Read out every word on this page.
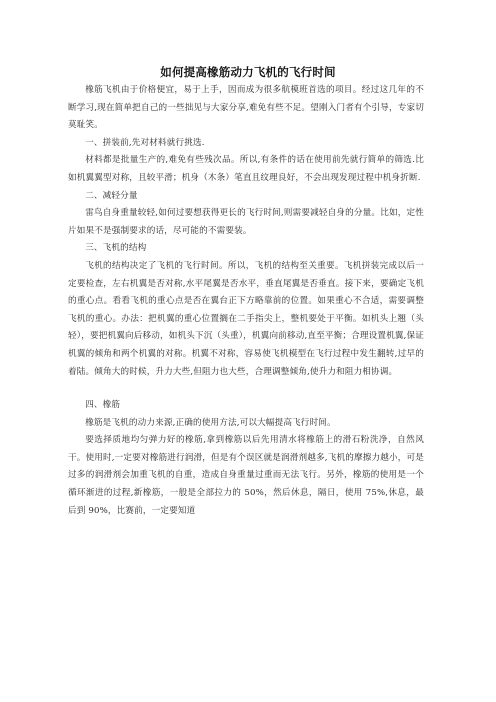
如何提高橡筋动力飞机的飞行时间

橡筋飞机由于价格便宜，易于上手，因而成为很多航模班首选的项目。经过这几年的不断学习,现在简单把自己的一些拙见与大家分享,难免有些不足。望刚入门者有个引导，专家切莫耻笑。

一、拼装前,先对材料就行挑选.

材料都是批量生产的,难免有些残次品。所以,有条件的话在使用前先就行简单的筛选.比如机翼翼型对称，且较平滑；机身（木条）笔直且纹理良好，不会出现发现过程中机身折断.

二、减轻分量

雷鸟自身重量较轻,如何过要想获得更长的飞行时间,则需要减轻自身的分量。比如，定性片如果不是强制要求的话，尽可能的不需要装。

三、飞机的结构

飞机的结构决定了飞机的飞行时间。所以，飞机的结构至关重要。飞机拼装完成以后一定要检查，左右机翼是否对称,水平尾翼是否水平，垂直尾翼是否垂直。接下来，要确定飞机的重心点。看看飞机的重心点是否在翼台正下方略靠前的位置。如果重心不合适，需要调整飞机的重心。办法：把机翼的重心位置搁在二手指尖上，整机要处于平衡。如机头上翘（头轻），要把机翼向后移动，如机头下沉（头重），机翼向前移动,直至平衡；合理设置机翼,保证机翼的倾角和两个机翼的对称。机翼不对称，容易使飞机模型在飞行过程中发生翻转,过早的着陆。倾角大的时候，升力大些,但阻力也大些，合理调整倾角,使升力和阻力相协调。

四、橡筋

橡筋是飞机的动力来源,正确的使用方法,可以大幅提高飞行时间。

要选择质地均匀弹力好的橡筋,拿到橡筋以后先用清水将橡筋上的滑石粉洗净，自然风干。使用时,一定要对橡筋进行润滑，但是有个误区就是润滑剂越多,飞机的摩擦力越小，可是过多的润滑剂会加重飞机的自重，造成自身重量过重而无法飞行。另外，橡筋的使用是一个循环渐进的过程,新橡筋，一般是全部拉力的 50%，然后休息，隔日，使用 75%,休息，最后到 90%，比赛前，一定要知道
